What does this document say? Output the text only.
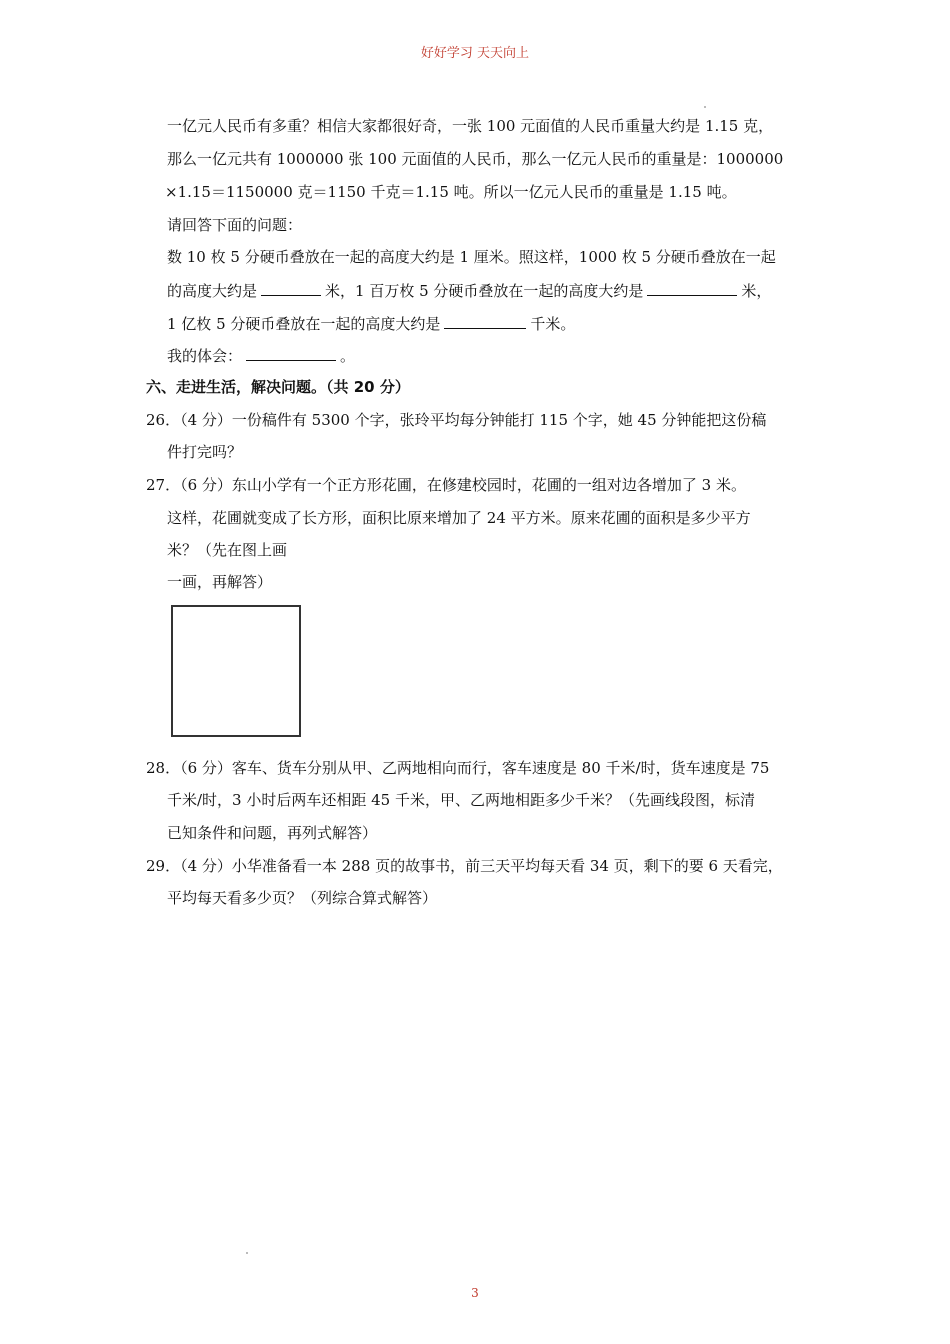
好好学习 天天向上
一亿元人民币有多重？相信大家都很好奇，一张 100 元面值的人民币重量大约是 1.15 克，
那么一亿元共有 1000000 张 100 元面值的人民币，那么一亿元人民币的重量是：1000000
×1.15＝1150000 克＝1150 千克＝1.15 吨。所以一亿元人民币的重量是 1.15 吨。
请回答下面的问题：
数 10 枚 5 分硬币叠放在一起的高度大约是 1 厘米。照这样，1000 枚 5 分硬币叠放在一起
的高度大约是	米，1 百万枚 5 分硬币叠放在一起的高度大约是	米，
1 亿枚 5 分硬币叠放在一起的高度大约是	千米。
我的体会：	。
六、走进生活，解决问题。（共 20 分）
26．（4 分）一份稿件有 5300 个字，张玲平均每分钟能打 115 个字，她 45 分钟能把这份稿
件打完吗？
27．（6 分）东山小学有一个正方形花圃，在修建校园时，花圃的一组对边各增加了 3 米。
这样，花圃就变成了长方形，面积比原来增加了 24 平方米。原来花圃的面积是多少平方
米？（先在图上画
一画，再解答）
28．（6 分）客车、货车分别从甲、乙两地相向而行，客车速度是 80 千米/时，货车速度是 75
千米/时，3 小时后两车还相距 45 千米，甲、乙两地相距多少千米？（先画线段图，标清
已知条件和问题，再列式解答）
29．（4 分）小华准备看一本 288 页的故事书，前三天平均每天看 34 页，剩下的要 6 天看完，
平均每天看多少页？（列综合算式解答）
3
